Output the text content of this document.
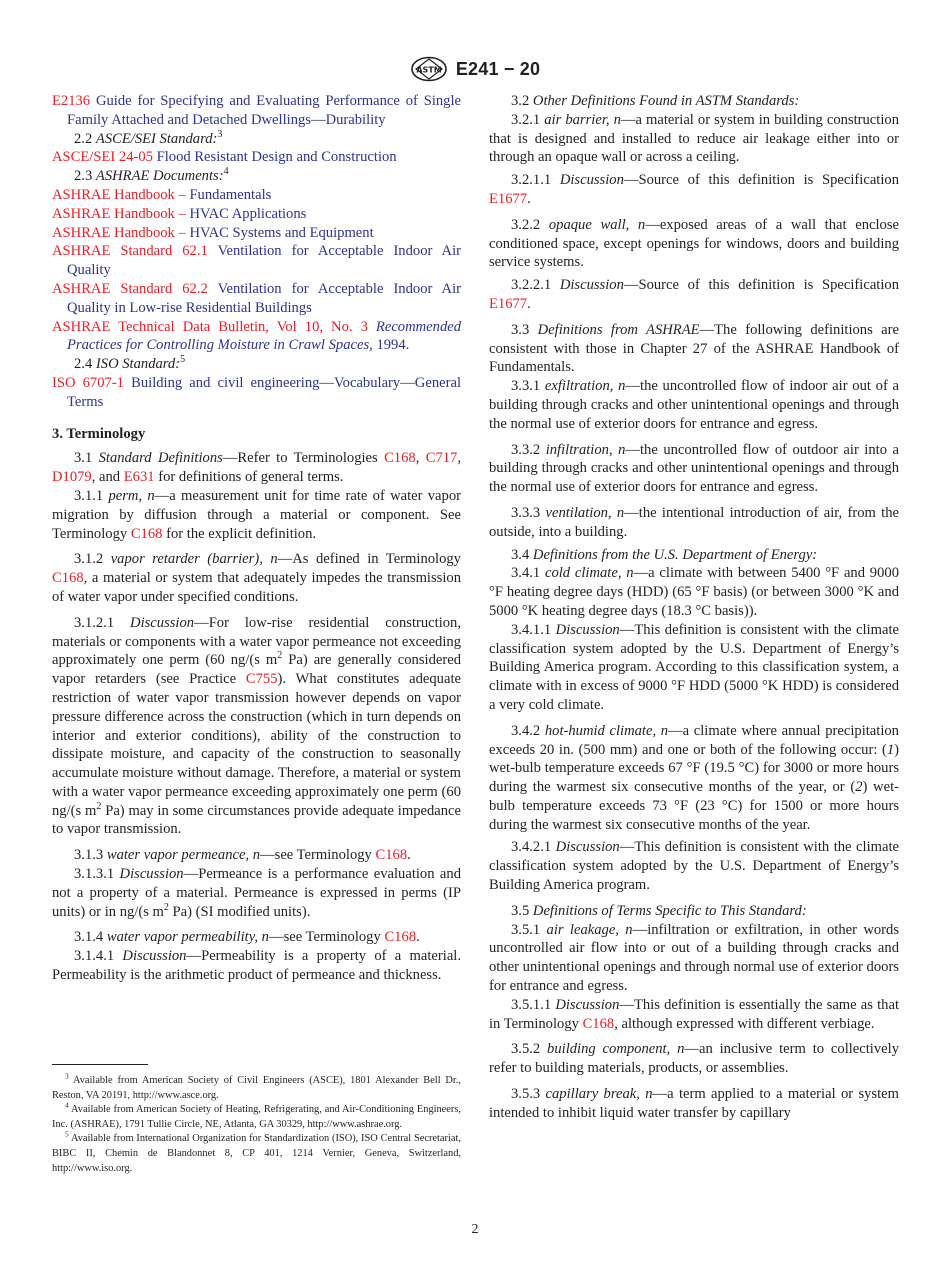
ASTM E241 − 20

E2136 Guide for Specifying and Evaluating Performance of Single Family Attached and Detached Dwellings—Durability

2.2 ASCE/SEI Standard:$^3$

ASCE/SEI 24-05 Flood Resistant Design and Construction

2.3 ASHRAE Documents:$^4$

ASHRAE Handbook – Fundamentals

ASHRAE Handbook – HVAC Applications

ASHRAE Handbook – HVAC Systems and Equipment

ASHRAE Standard 62.1 Ventilation for Acceptable Indoor Air Quality

ASHRAE Standard 62.2 Ventilation for Acceptable Indoor Air Quality in Low-rise Residential Buildings

ASHRAE Technical Data Bulletin, Vol 10, No. 3 Recommended Practices for Controlling Moisture in Crawl Spaces, 1994.

2.4 ISO Standard:$^5$

ISO 6707-1 Building and civil engineering—Vocabulary—General Terms

3. Terminology

3.1 Standard Definitions—Refer to Terminologies C168, C717, D1079, and E631 for definitions of general terms.

3.1.1 perm, n—a measurement unit for time rate of water vapor migration by diffusion through a material or component. See Terminology C168 for the explicit definition.

3.1.2 vapor retarder (barrier), n—As defined in Terminology C168, a material or system that adequately impedes the transmission of water vapor under specified conditions.

3.1.2.1 Discussion—For low-rise residential construction, materials or components with a water vapor permeance not exceeding approximately one perm (60 ng/(s $m^2$ Pa) are generally considered vapor retarders (see Practice C755). What constitutes adequate restriction of water vapor transmission however depends on vapor pressure difference across the construction (which in turn depends on interior and exterior conditions), ability of the construction to dissipate moisture, and capacity of the construction to seasonally accumulate moisture without damage. Therefore, a material or system with a water vapor permeance exceeding approximately one perm (60 ng/(s $m^2$ Pa) may in some circumstances provide adequate impedance to vapor transmission.

3.1.3 water vapor permeance, n—see Terminology C168.

3.1.3.1 Discussion—Permeance is a performance evaluation and not a property of a material. Permeance is expressed in perms (IP units) or in ng/(s $m^2$ Pa) (SI modified units).

3.1.4 water vapor permeability, n—see Terminology C168.

3.1.4.1 Discussion—Permeability is a property of a material. Permeability is the arithmetic product of permeance and thickness.

$^3$ Available from American Society of Civil Engineers (ASCE), 1801 Alexander Bell Dr., Reston, VA 20191, http://www.asce.org.

$^4$ Available from American Society of Heating, Refrigerating, and Air-Conditioning Engineers, Inc. (ASHRAE), 1791 Tullie Circle, NE, Atlanta, GA 30329, http://www.ashrae.org.

$^5$ Available from International Organization for Standardization (ISO), ISO Central Secretariat, BIBC II, Chemin de Blandonnet 8, CP 401, 1214 Vernier, Geneva, Switzerland, http://www.iso.org.

3.2 Other Definitions Found in ASTM Standards:

3.2.1 air barrier, n—a material or system in building construction that is designed and installed to reduce air leakage either into or through an opaque wall or across a ceiling.

3.2.1.1 Discussion—Source of this definition is Specification E1677.

3.2.2 opaque wall, n—exposed areas of a wall that enclose conditioned space, except openings for windows, doors and building service systems.

3.2.2.1 Discussion—Source of this definition is Specification E1677.

3.3 Definitions from ASHRAE—The following definitions are consistent with those in Chapter 27 of the ASHRAE Handbook of Fundamentals.

3.3.1 exfiltration, n—the uncontrolled flow of indoor air out of a building through cracks and other unintentional openings and through the normal use of exterior doors for entrance and egress.

3.3.2 infiltration, n—the uncontrolled flow of outdoor air into a building through cracks and other unintentional openings and through the normal use of exterior doors for entrance and egress.

3.3.3 ventilation, n—the intentional introduction of air, from the outside, into a building.

3.4 Definitions from the U.S. Department of Energy:

3.4.1 cold climate, n—a climate with between 5400 °F and 9000 °F heating degree days (HDD) (65 °F basis) (or between 3000 °K and 5000 °K heating degree days (18.3 °C basis)).

3.4.1.1 Discussion—This definition is consistent with the climate classification system adopted by the U.S. Department of Energy’s Building America program. According to this classification system, a climate with in excess of 9000 °F HDD (5000 °K HDD) is considered a very cold climate.

3.4.2 hot-humid climate, n—a climate where annual precipitation exceeds 20 in. (500 mm) and one or both of the following occur: (1) wet-bulb temperature exceeds 67 °F (19.5 °C) for 3000 or more hours during the warmest six consecutive months of the year, or (2) wet-bulb temperature exceeds 73 °F (23 °C) for 1500 or more hours during the warmest six consecutive months of the year.

3.4.2.1 Discussion—This definition is consistent with the climate classification system adopted by the U.S. Department of Energy’s Building America program.

3.5 Definitions of Terms Specific to This Standard:

3.5.1 air leakage, n—infiltration or exfiltration, in other words uncontrolled air flow into or out of a building through cracks and other unintentional openings and through normal use of exterior doors for entrance and egress.

3.5.1.1 Discussion—This definition is essentially the same as that in Terminology C168, although expressed with different verbiage.

3.5.2 building component, n—an inclusive term to collectively refer to building materials, products, or assemblies.

3.5.3 capillary break, n—a term applied to a material or system intended to inhibit liquid water transfer by capillary

2
